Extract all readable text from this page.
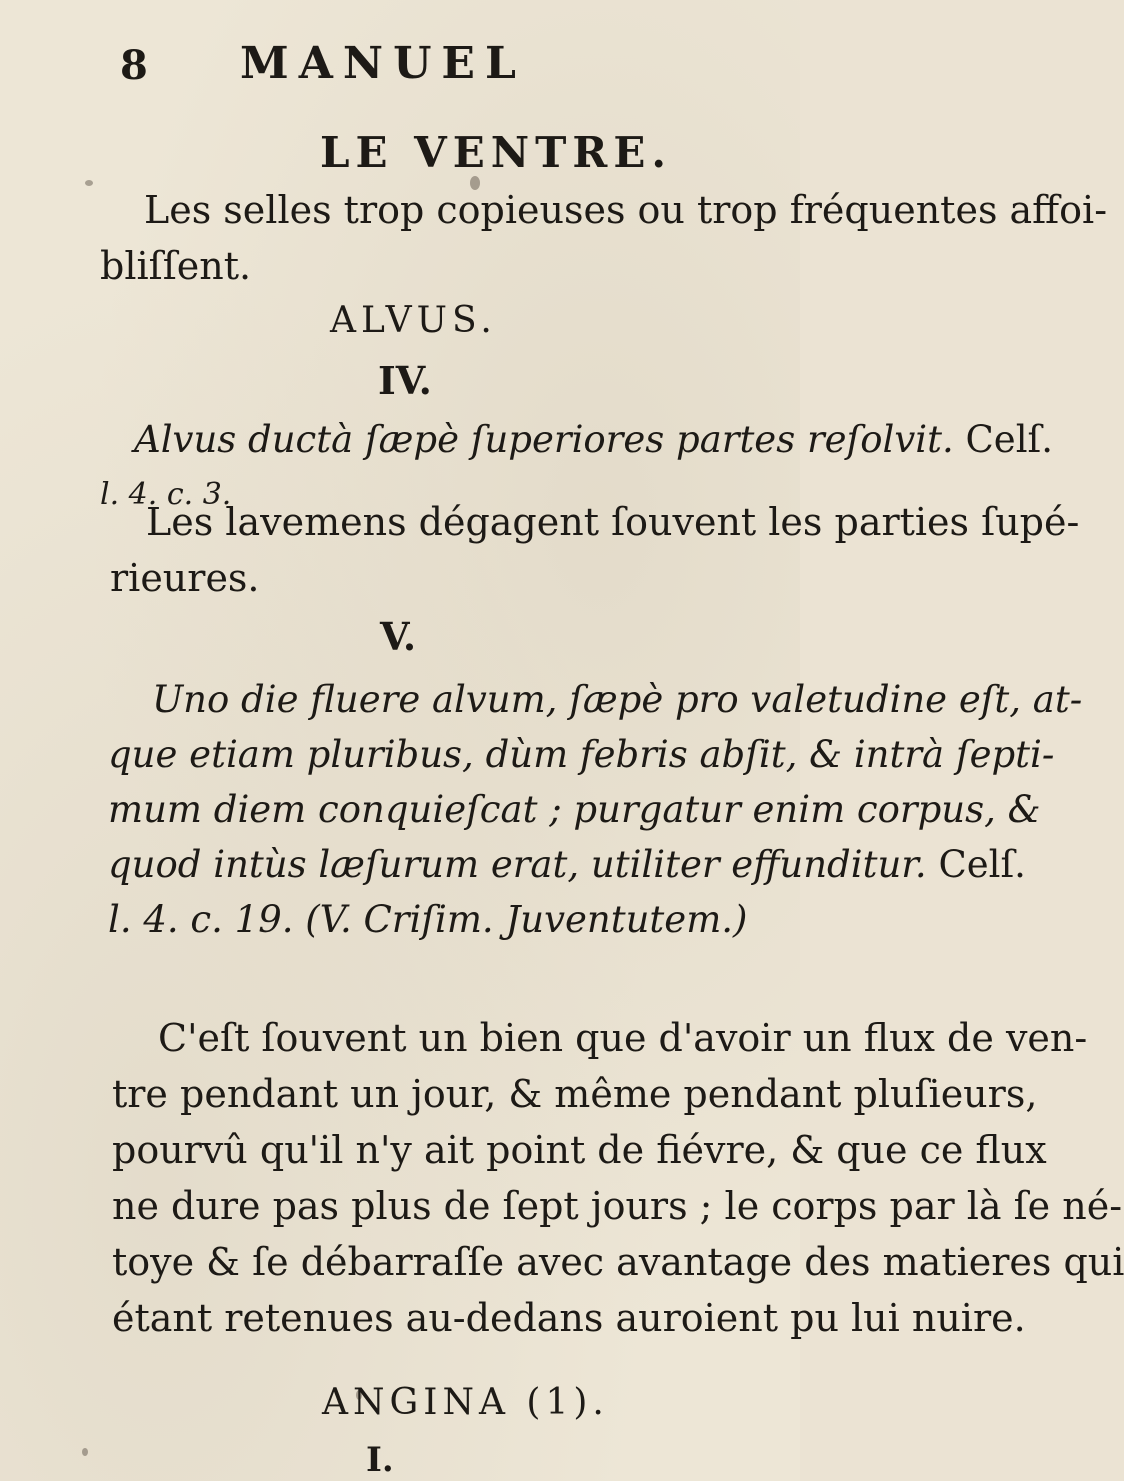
8 MANUEL
LE VENTRE.
Les selles trop copieuses ou trop fréquentes affoi-
bliſſent.
ALVUS.
IV.
Alvus ductà ſæpè ſuperiores partes reſolvit. Celſ.
l. 4. c. 3.
Les lavemens dégagent ſouvent les parties ſupé-
rieures.
V.
Uno die fluere alvum, ſæpè pro valetudine eſt, at-
que etiam pluribus, dùm febris abſit, & intrà ſepti-
mum diem conquieſcat ; purgatur enim corpus, &
quod intùs læſurum erat, utiliter effunditur. Celſ.
l. 4. c. 19. (V. Criſim. Juventutem.)
C'eſt ſouvent un bien que d'avoir un flux de ven-
tre pendant un jour, & même pendant pluſieurs,
pourvû qu'il n'y ait point de fiévre, & que ce flux
ne dure pas plus de ſept jours ; le corps par là ſe né-
toye & ſe débarraſſe avec avantage des matieres qui
étant retenues au-dedans auroient pu lui nuire.
ANGINA (1).
I.
